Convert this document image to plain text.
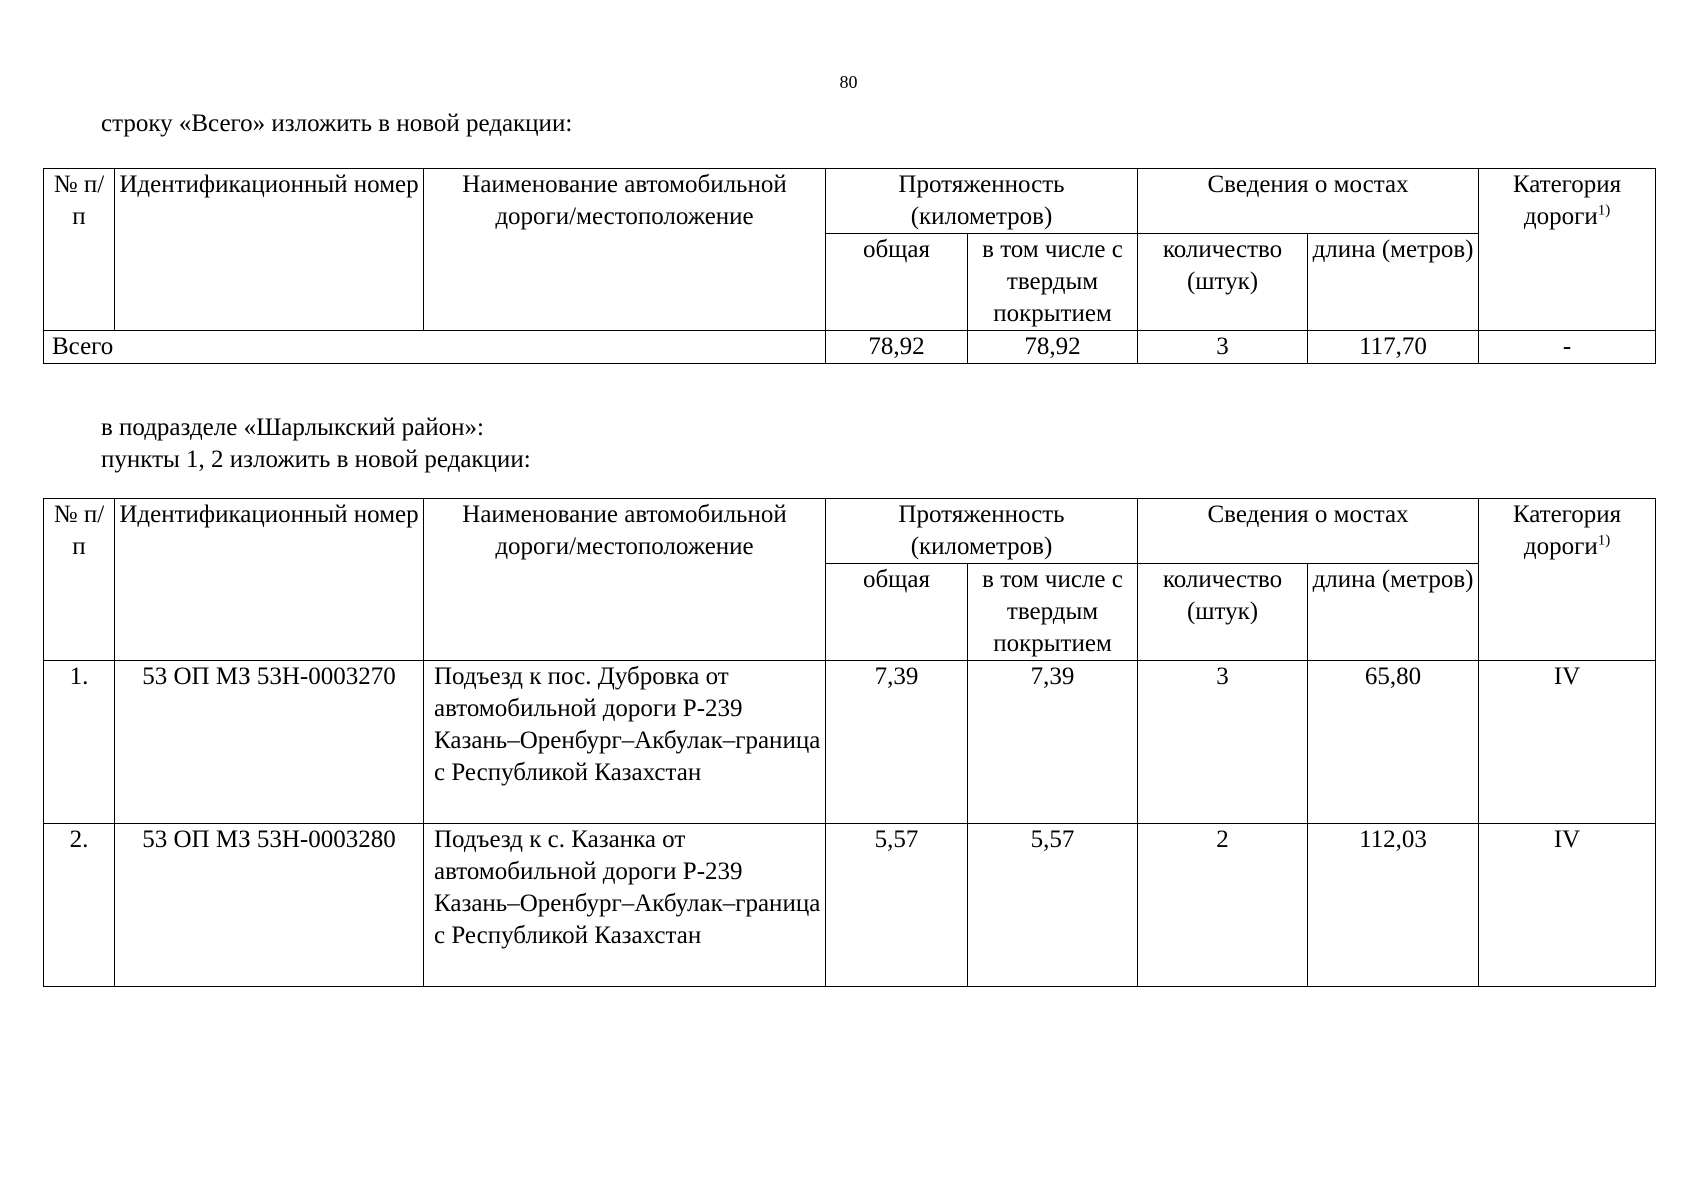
80
строку «Всего» изложить в новой редакции:
№ п/п	Идентификационный номер	Наименование автомобильной дороги/местоположение	Протяженность (километров)		Сведения о мостах		Категория дороги$^{1)}$
			общая	в том числе с твердым покрытием	количество (штук)	длина (метров)	
Всего			78,92	78,92	3	117,70	-
в подразделе «Шарлыкский район»:
пункты 1, 2 изложить в новой редакции:
№ п/п	Идентификационный номер	Наименование автомобильной дороги/местоположение	Протяженность (километров)		Сведения о мостах		Категория дороги$^{1)}$
			общая	в том числе с твердым покрытием	количество (штук)	длина (метров)	
1.	53 ОП МЗ 53Н-0003270	Подъезд к пос. Дубровка от автомобильной дороги Р-239 Казань–Оренбург–Акбулак–граница с Республикой Казахстан	7,39	7,39	3	65,80	IV
2.	53 ОП МЗ 53Н-0003280	Подъезд к с. Казанка от автомобильной дороги Р-239 Казань–Оренбург–Акбулак–граница с Республикой Казахстан	5,57	5,57	2	112,03	IV
